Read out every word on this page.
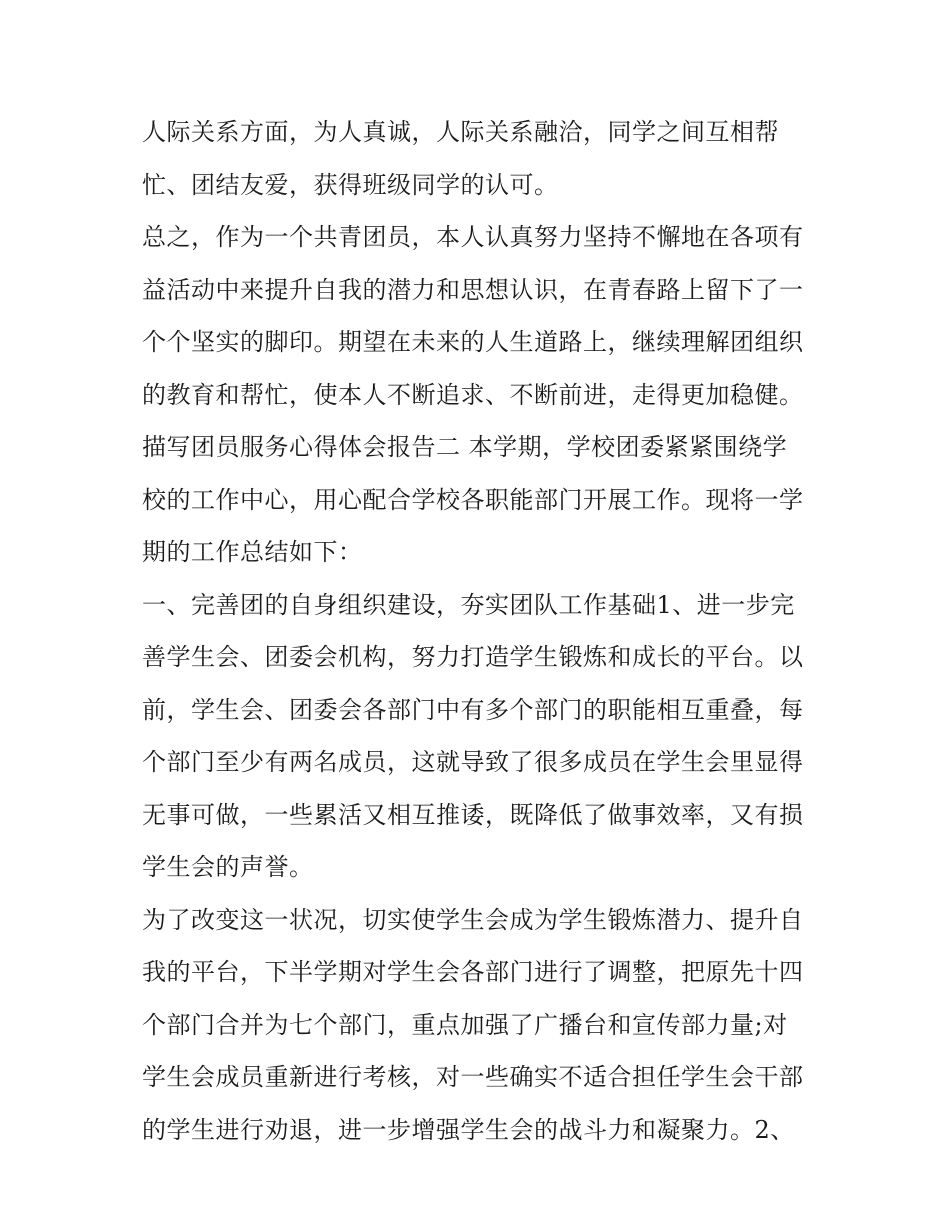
人际关系方面，为人真诚，人际关系融洽，同学之间互相帮
忙、团结友爱，获得班级同学的认可。
总之，作为一个共青团员，本人认真努力坚持不懈地在各项有
益活动中来提升自我的潜力和思想认识，在青春路上留下了一
个个坚实的脚印。期望在未来的人生道路上，继续理解团组织
的教育和帮忙，使本人不断追求、不断前进，走得更加稳健。
描写团员服务心得体会报告二 本学期，学校团委紧紧围绕学
校的工作中心，用心配合学校各职能部门开展工作。现将一学
期的工作总结如下：
一、完善团的自身组织建设，夯实团队工作基础1、进一步完
善学生会、团委会机构，努力打造学生锻炼和成长的平台。以
前，学生会、团委会各部门中有多个部门的职能相互重叠，每
个部门至少有两名成员，这就导致了很多成员在学生会里显得
无事可做，一些累活又相互推诿，既降低了做事效率，又有损
学生会的声誉。
为了改变这一状况，切实使学生会成为学生锻炼潜力、提升自
我的平台，下半学期对学生会各部门进行了调整，把原先十四
个部门合并为七个部门，重点加强了广播台和宣传部力量;对
学生会成员重新进行考核，对一些确实不适合担任学生会干部
的学生进行劝退，进一步增强学生会的战斗力和凝聚力。2、
